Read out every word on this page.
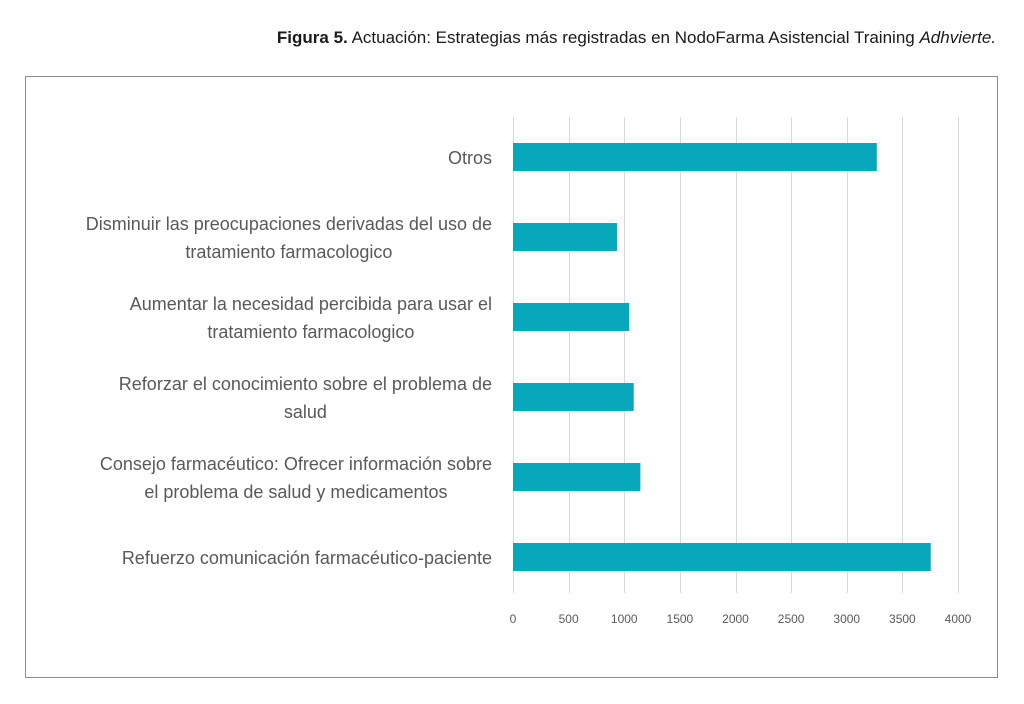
Figura 5. Actuación: Estrategias más registradas en NodoFarma Asistencial Training Adhvierte.
0	500	1000 1500 2000 2500 3000 3500 4000
Otros
Disminuir las preocupaciones derivadas del uso de
tratamiento farmacologico
Aumentar la necesidad percibida para usar el
tratamiento farmacologico
Reforzar el conocimiento sobre el problema de
salud
Consejo farmacéutico: Ofrecer información sobre
el problema de salud y medicamentos
Refuerzo comunicación farmacéutico-paciente
